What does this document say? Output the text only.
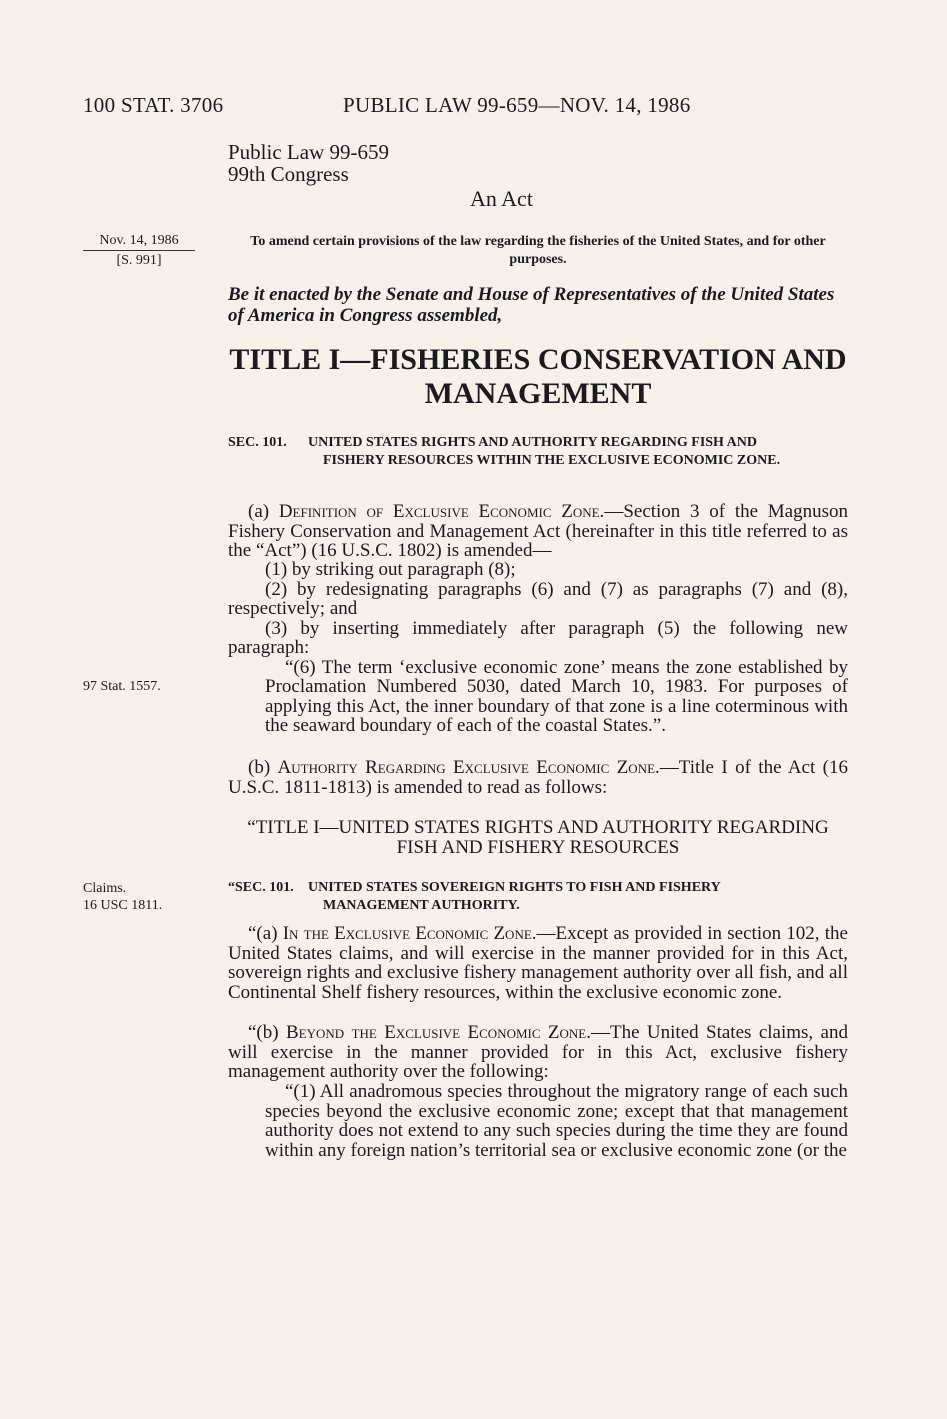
100 STAT. 3706	PUBLIC LAW 99-659—NOV. 14, 1986
Public Law 99-659
99th Congress
An Act
Nov. 14, 1986
[S. 991]
97 Stat. 1557.
Claims.
16 USC 1811.
To amend certain provisions of the law regarding the fisheries of the United States, and for other purposes.
Be it enacted by the Senate and House of Representatives of the United States of America in Congress assembled,
TITLE I—FISHERIES CONSERVATION AND MANAGEMENT
SEC. 101. UNITED STATES RIGHTS AND AUTHORITY REGARDING FISH AND
FISHERY RESOURCES WITHIN THE EXCLUSIVE ECONOMIC ZONE.
(a) Definition of Exclusive Economic Zone.—Section 3 of the Magnuson Fishery Conservation and Management Act (hereinafter in this title referred to as the “Act”) (16 U.S.C. 1802) is amended—
(1) by striking out paragraph (8);
(2) by redesignating paragraphs (6) and (7) as paragraphs (7) and (8), respectively; and
(3) by inserting immediately after paragraph (5) the following new paragraph:
“(6) The term ‘exclusive economic zone’ means the zone established by Proclamation Numbered 5030, dated March 10, 1983. For purposes of applying this Act, the inner boundary of that zone is a line coterminous with the seaward boundary of each of the coastal States.”.
(b) Authority Regarding Exclusive Economic Zone.—Title I of the Act (16 U.S.C. 1811-1813) is amended to read as follows:
“TITLE I—UNITED STATES RIGHTS AND AUTHORITY REGARDING FISH AND FISHERY RESOURCES
“SEC. 101. UNITED STATES SOVEREIGN RIGHTS TO FISH AND FISHERY
MANAGEMENT AUTHORITY.
“(a) In the Exclusive Economic Zone.—Except as provided in section 102, the United States claims, and will exercise in the manner provided for in this Act, sovereign rights and exclusive fishery management authority over all fish, and all Continental Shelf fishery resources, within the exclusive economic zone.
“(b) Beyond the Exclusive Economic Zone.—The United States claims, and will exercise in the manner provided for in this Act, exclusive fishery management authority over the following:
“(1) All anadromous species throughout the migratory range of each such species beyond the exclusive economic zone; except that that management authority does not extend to any such species during the time they are found within any foreign nation’s territorial sea or exclusive economic zone (or the
